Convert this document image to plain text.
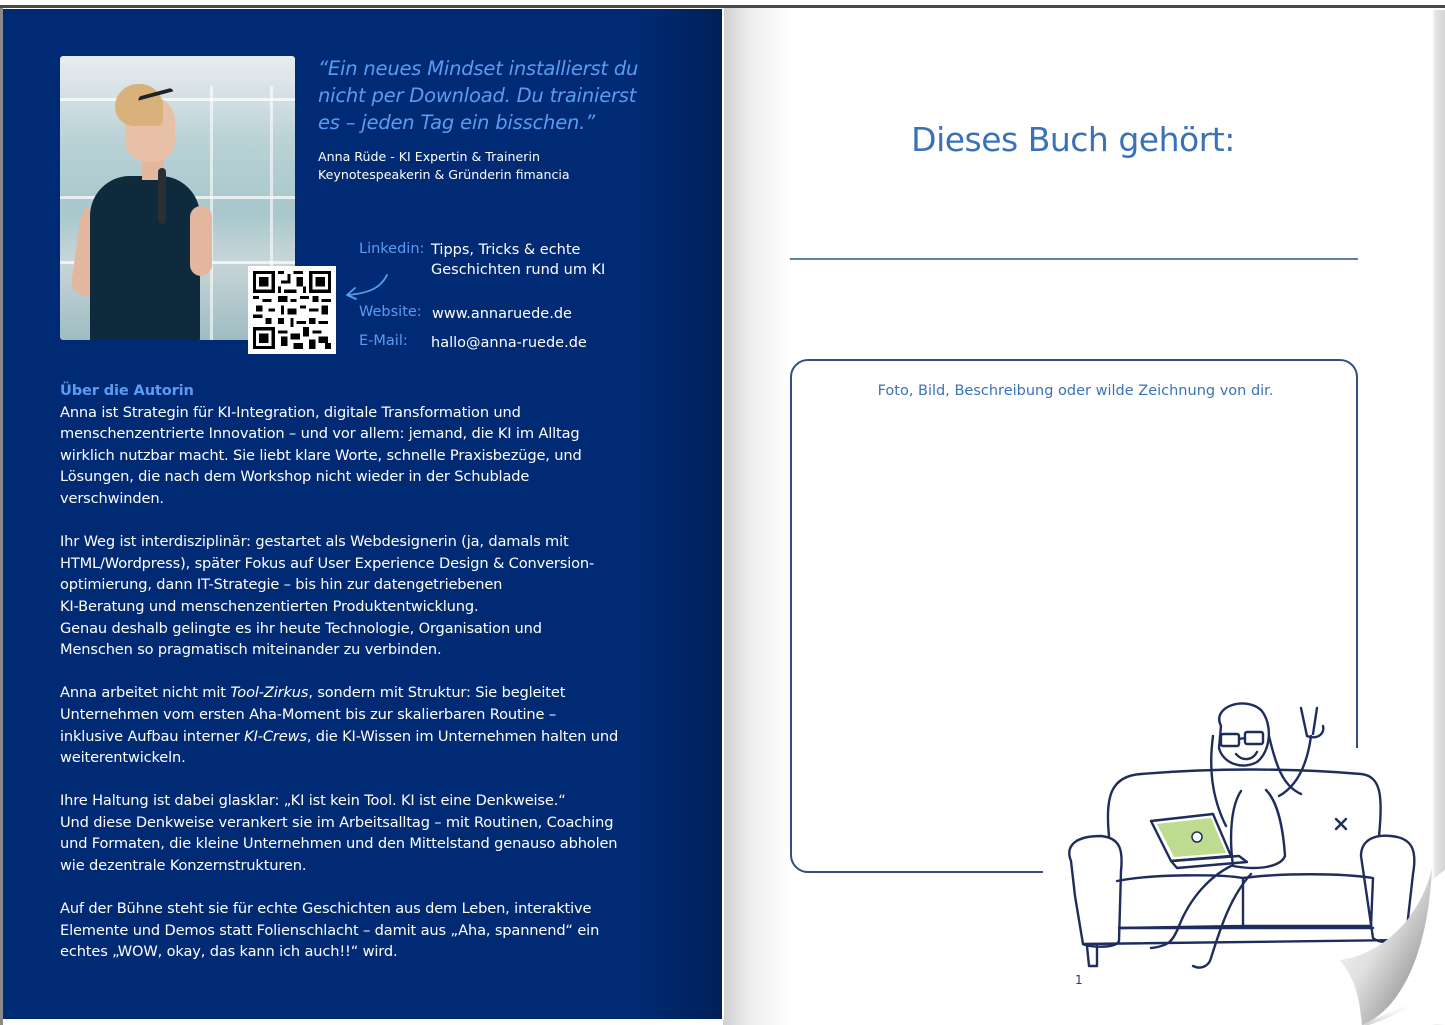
“Ein neues Mindset installierst du
nicht per Download. Du trainierst
es – jeden Tag ein bisschen.”
Anna Rüde - KI Expertin & Trainerin
Keynotespeakerin & Gründerin fimancia
Linkedin: Tipps, Tricks & echte
Geschichten rund um KI
Website: www.annaruede.de
E-Mail: hallo@anna-ruede.de
Über die Autorin

Anna ist Strategin für KI-Integration, digitale Transformation und
menschenzentrierte Innovation – und vor allem: jemand, die KI im Alltag
wirklich nutzbar macht. Sie liebt klare Worte, schnelle Praxisbezüge, und
Lösungen, die nach dem Workshop nicht wieder in der Schublade
verschwinden.

Ihr Weg ist interdisziplinär: gestartet als Webdesignerin (ja, damals mit
HTML/Wordpress), später Fokus auf User Experience Design & Conversion-
optimierung, dann IT-Strategie – bis hin zur datengetriebenen
KI-Beratung und menschenzentierten Produktentwicklung.
Genau deshalb gelingte es ihr heute Technologie, Organisation und
Menschen so pragmatisch miteinander zu verbinden.

Anna arbeitet nicht mit Tool-Zirkus, sondern mit Struktur: Sie begleitet
Unternehmen vom ersten Aha-Moment bis zur skalierbaren Routine –
inklusive Aufbau interner KI-Crews, die KI-Wissen im Unternehmen halten und
weiterentwickeln.

Ihre Haltung ist dabei glasklar: „KI ist kein Tool. KI ist eine Denkweise.“
Und diese Denkweise verankert sie im Arbeitsalltag – mit Routinen, Coaching
und Formaten, die kleine Unternehmen und den Mittelstand genauso abholen
wie dezentrale Konzernstrukturen.

Auf der Bühne steht sie für echte Geschichten aus dem Leben, interaktive
Elemente und Demos statt Folienschlacht – damit aus „Aha, spannend“ ein
echtes „WOW, okay, das kann ich auch!!“ wird.

Dieses Buch gehört:
Foto, Bild, Beschreibung oder wilde Zeichnung von dir.
1
